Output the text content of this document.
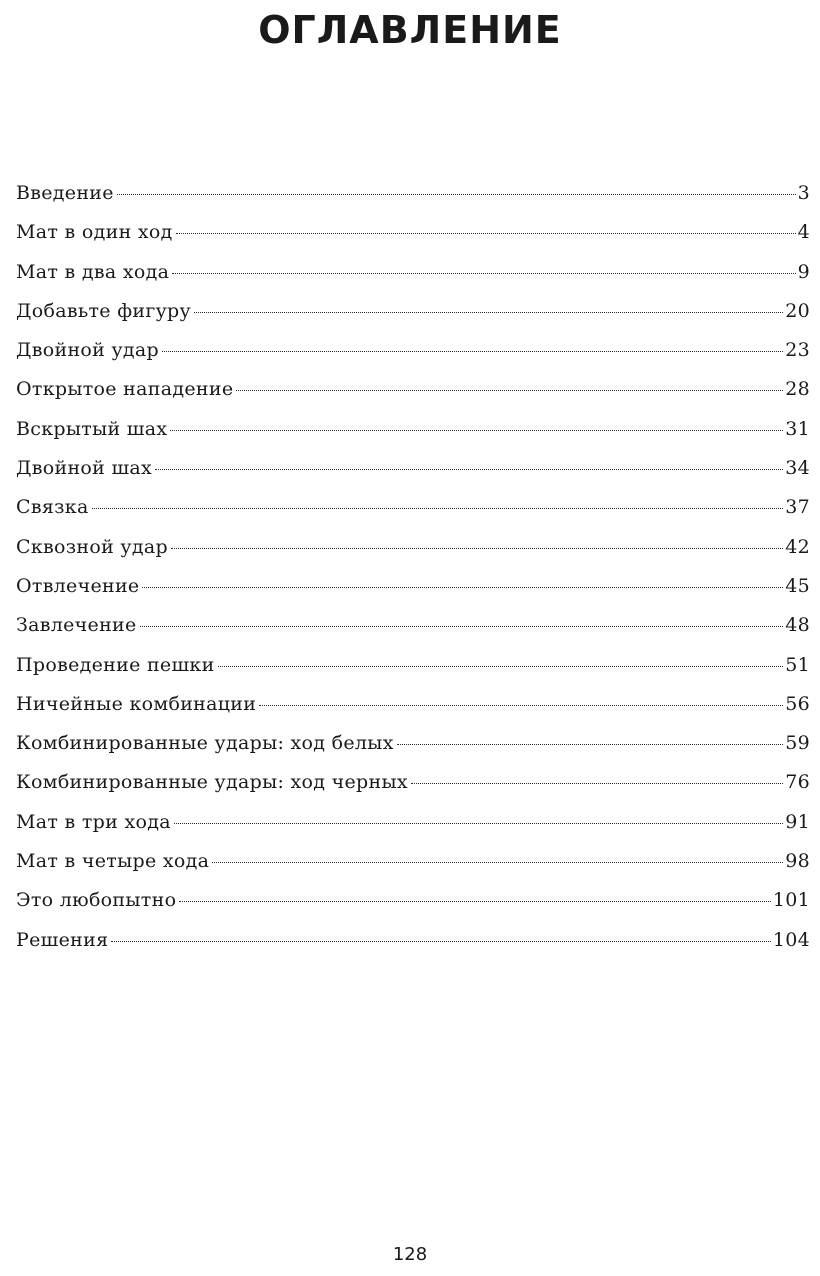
ОГЛАВЛЕНИЕ
Введение	3
Мат в один ход	4
Мат в два хода	9
Добавьте фигуру	20
Двойной удар	23
Открытое нападение	28
Вскрытый шах	31
Двойной шах	34
Связка	37
Сквозной удар	42
Отвлечение	45
Завлечение	48
Проведение пешки	51
Ничейные комбинации	56
Комбинированные удары: ход белых	59
Комбинированные удары: ход черных	76
Мат в три хода	91
Мат в четыре хода	98
Это любопытно	101
Решения	104

128
